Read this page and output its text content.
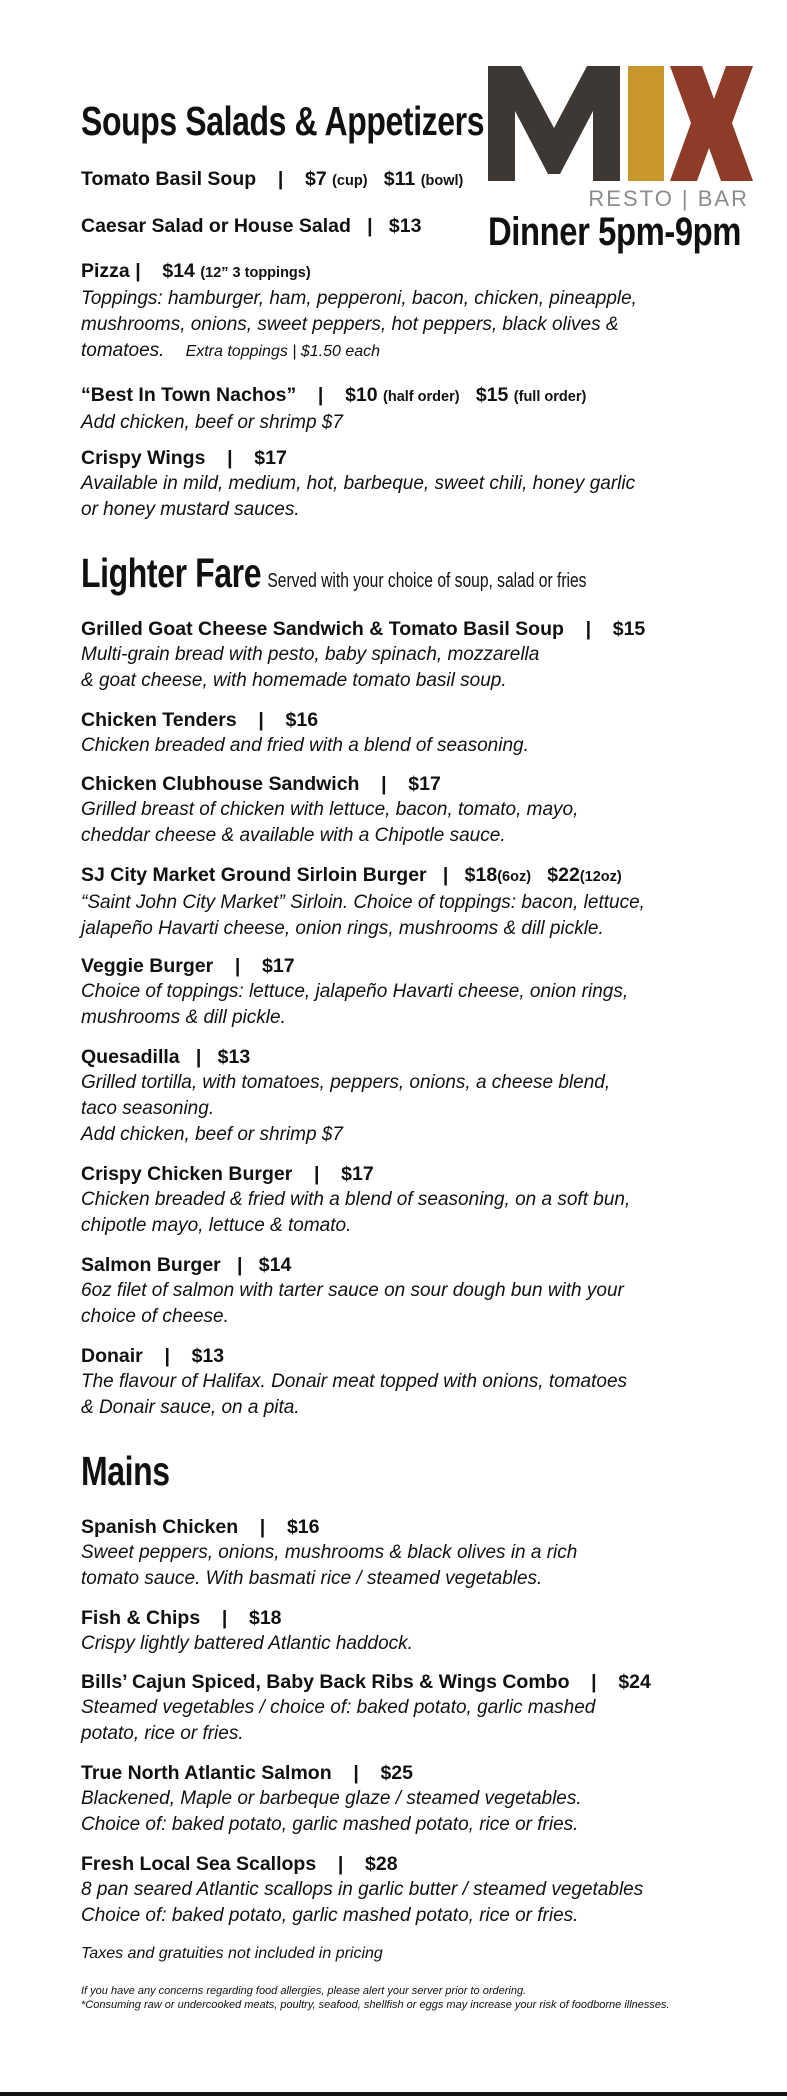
RESTO | BAR
Dinner 5pm-9pm
Soups Salads & Appetizers
Tomato Basil Soup | $7 (cup) $11 (bowl)
Caesar Salad or House Salad | $13
Pizza | $14 (12” 3 toppings)

Toppings: hamburger, ham, pepperoni, bacon, chicken, pineapple,
mushrooms, onions, sweet peppers, hot peppers, black olives &
tomatoes. Extra toppings | $1.50 each

“Best In Town Nachos” | $10 (half order) $15 (full order)

Add chicken, beef or shrimp $7

Crispy Wings | $17

Available in mild, medium, hot, barbeque, sweet chili, honey garlic
or honey mustard sauces.

Lighter Fare Served with your choice of soup, salad or fries
Grilled Goat Cheese Sandwich & Tomato Basil Soup | $15

Multi-grain bread with pesto, baby spinach, mozzarella
& goat cheese, with homemade tomato basil soup.

Chicken Tenders | $16

Chicken breaded and fried with a blend of seasoning.

Chicken Clubhouse Sandwich | $17

Grilled breast of chicken with lettuce, bacon, tomato, mayo,
cheddar cheese & available with a Chipotle sauce.

SJ City Market Ground Sirloin Burger | $18(6oz) $22(12oz)

“Saint John City Market” Sirloin. Choice of toppings: bacon, lettuce,
jalapeño Havarti cheese, onion rings, mushrooms & dill pickle.

Veggie Burger | $17

Choice of toppings: lettuce, jalapeño Havarti cheese, onion rings,
mushrooms & dill pickle.

Quesadilla | $13

Grilled tortilla, with tomatoes, peppers, onions, a cheese blend,
taco seasoning.
Add chicken, beef or shrimp $7

Crispy Chicken Burger | $17

Chicken breaded & fried with a blend of seasoning, on a soft bun,
chipotle mayo, lettuce & tomato.

Salmon Burger | $14

6oz filet of salmon with tarter sauce on sour dough bun with your
choice of cheese.

Donair | $13

The flavour of Halifax. Donair meat topped with onions, tomatoes
& Donair sauce, on a pita.

Mains
Spanish Chicken | $16

Sweet peppers, onions, mushrooms & black olives in a rich
tomato sauce. With basmati rice / steamed vegetables.

Fish & Chips | $18

Crispy lightly battered Atlantic haddock.

Bills’ Cajun Spiced, Baby Back Ribs & Wings Combo | $24

Steamed vegetables / choice of: baked potato, garlic mashed
potato, rice or fries.

True North Atlantic Salmon | $25

Blackened, Maple or barbeque glaze / steamed vegetables.
Choice of: baked potato, garlic mashed potato, rice or fries.

Fresh Local Sea Scallops | $28

8 pan seared Atlantic scallops in garlic butter / steamed vegetables
Choice of: baked potato, garlic mashed potato, rice or fries.

Taxes and gratuities not included in pricing
If you have any concerns regarding food allergies, please alert your server prior to ordering.
*Consuming raw or undercooked meats, poultry, seafood, shellfish or eggs may increase your risk of foodborne illnesses.
